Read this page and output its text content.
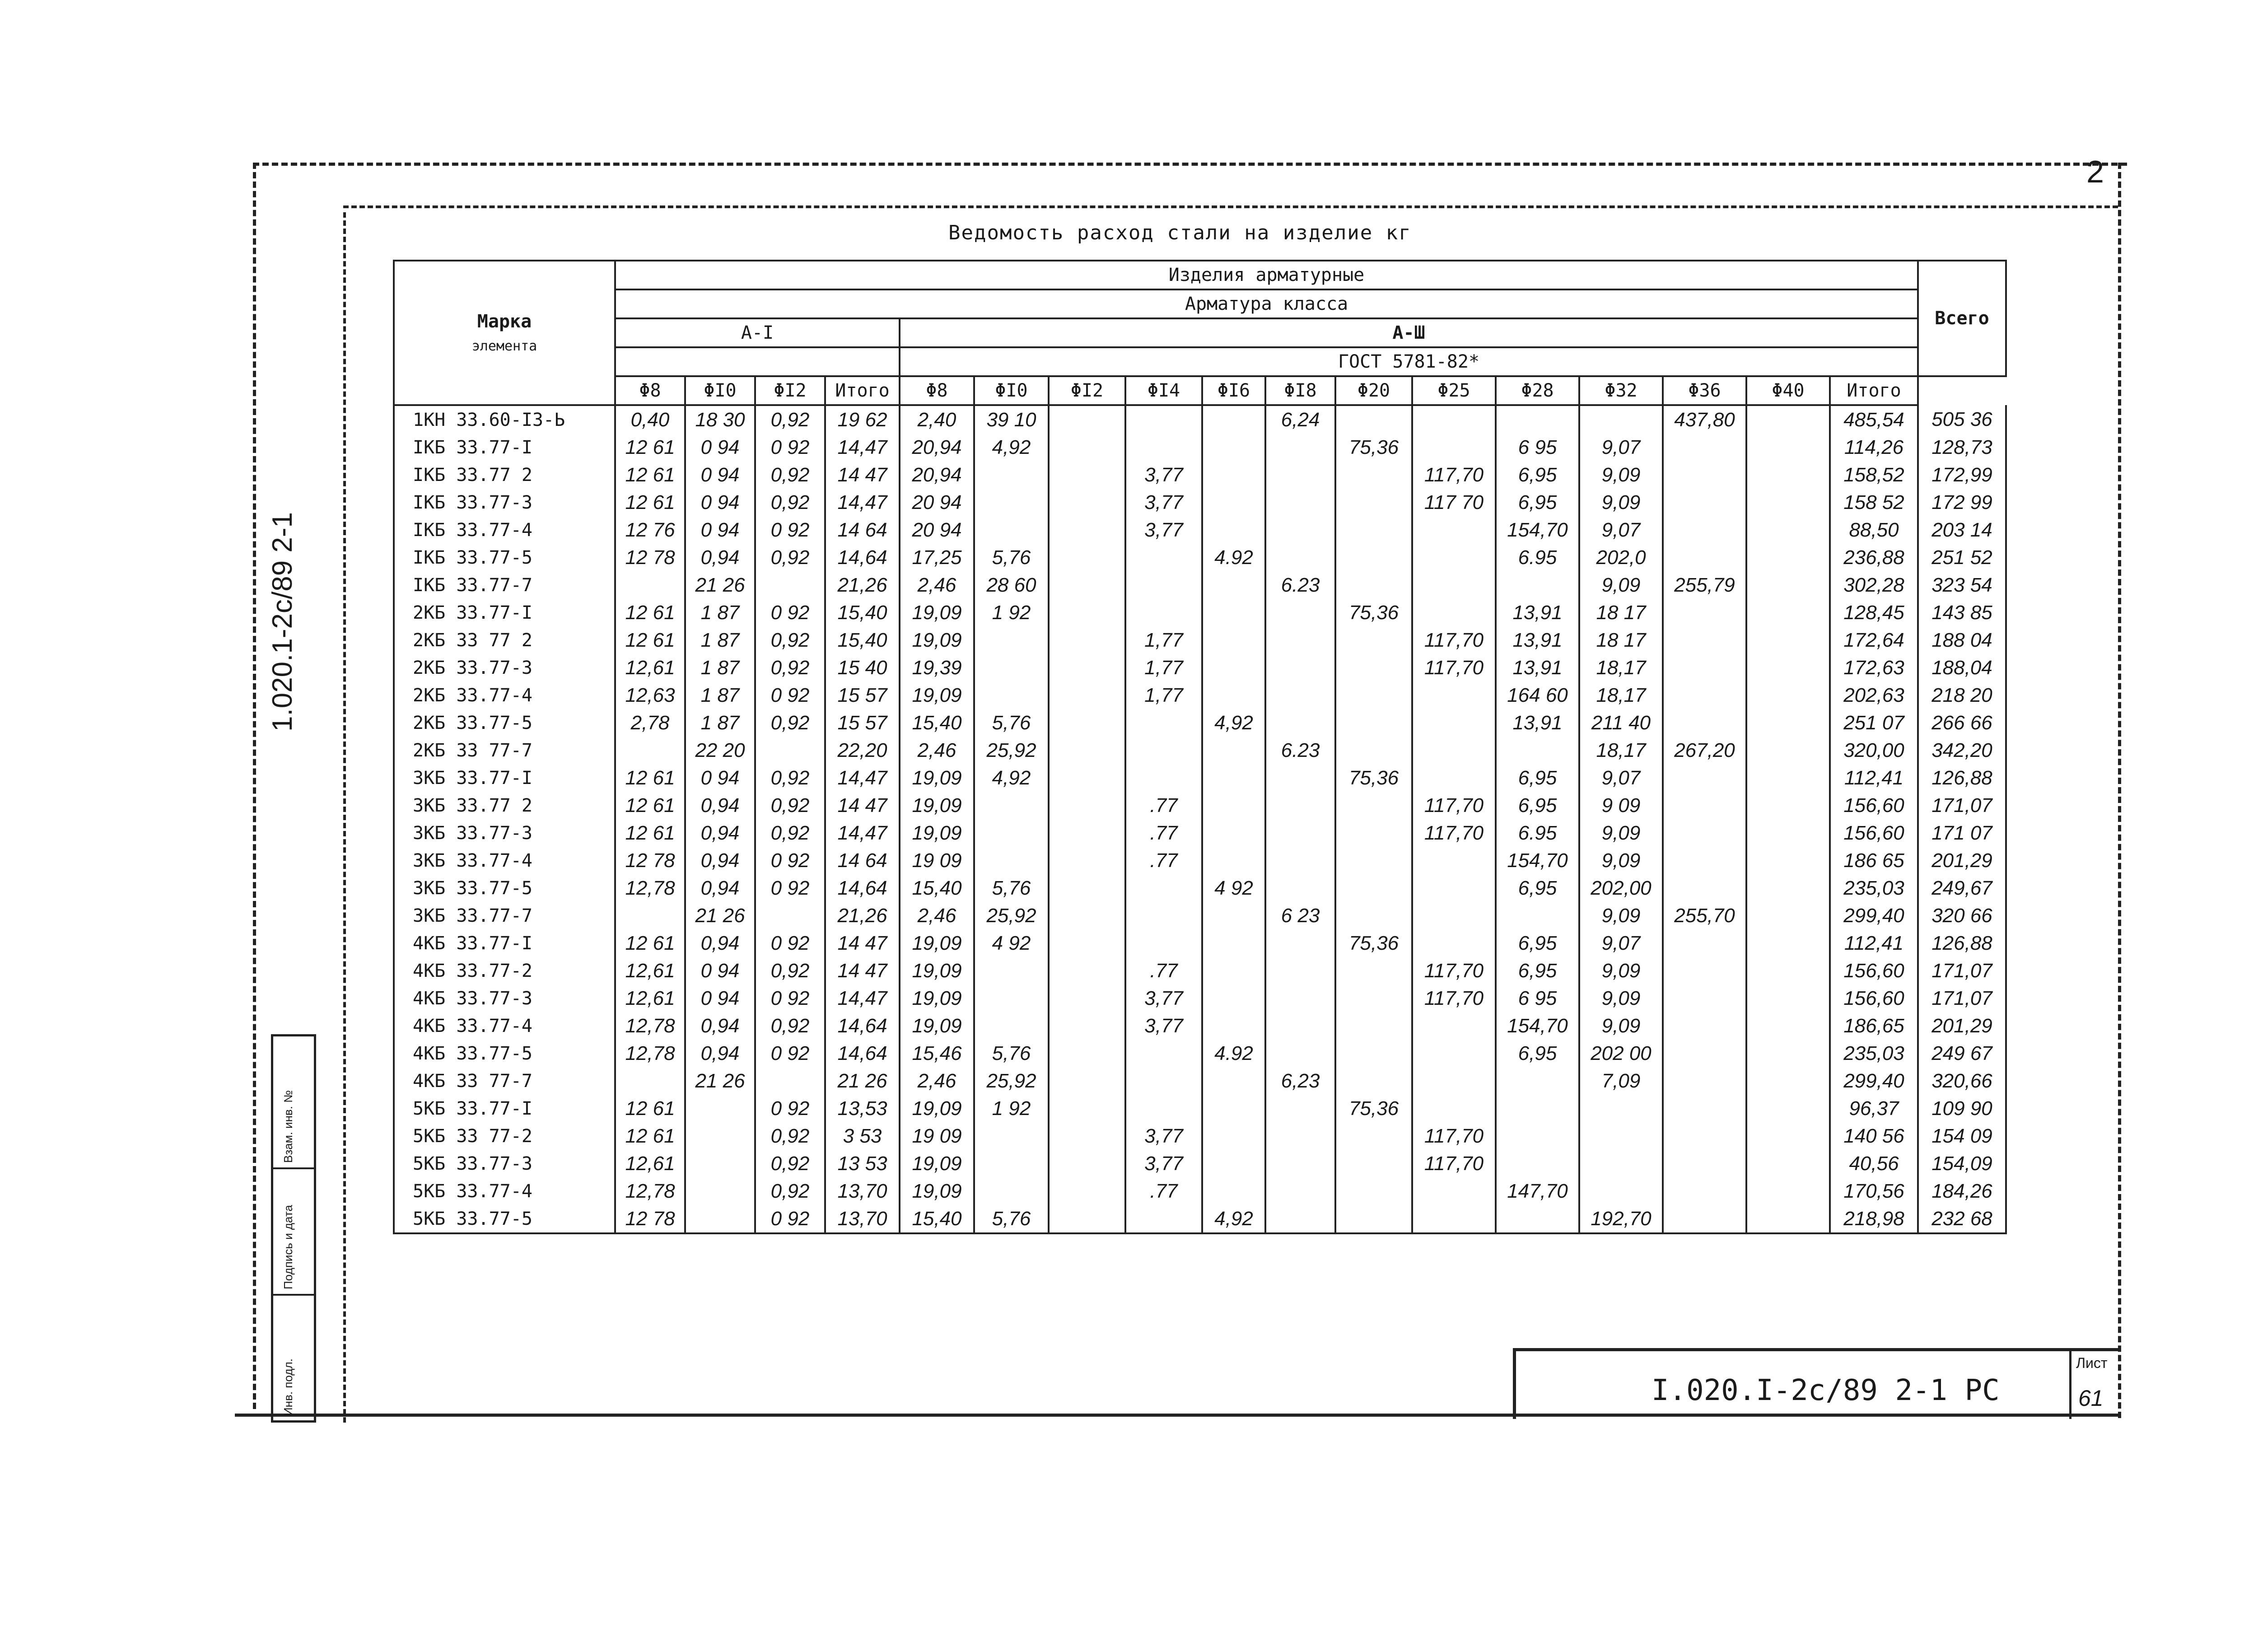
2
Ведомость расход стали на изделие кг
1.020.1-2с/89 2-1
Инв. подл.
Подпись и дата
Взам. инв. №
Марка
элемента	Изделия арматурные																	Всего
	Арматура класса																	
	А-I				А-Ш													
					ГОСТ 5781-82*													
	Φ8	ΦI0	ΦI2	Итого	Φ8	ΦI0	ΦI2	ΦI4	ΦI6	ΦI8	Φ20	Φ25	Φ28	Φ32	Φ36	Φ40	Итого	
1КН 33.60-I3-Ь	0,40	18 30	0,92	19 62	2,40	39 10				6,24					437,80		485,54	505 36
IКБ 33.77-I	12 61	0 94	0 92	14,47	20,94	4,92					75,36		6 95	9,07			114,26	128,73
IКБ 33.77 2	12 61	0 94	0,92	14 47	20,94			3,77				117,70	6,95	9,09			158,52	172,99
IКБ 33.77-3	12 61	0 94	0,92	14,47	20 94			3,77				117 70	6,95	9,09			158 52	172 99
IКБ 33.77-4	12 76	0 94	0 92	14 64	20 94			3,77					154,70	9,07			88,50	203 14
IКБ 33.77-5	12 78	0,94	0,92	14,64	17,25	5,76			4.92				6.95	202,0			236,88	251 52
IКБ 33.77-7		21 26		21,26	2,46	28 60				6.23				9,09	255,79		302,28	323 54
2КБ 33.77-I	12 61	1 87	0 92	15,40	19,09	1 92					75,36		13,91	18 17			128,45	143 85
2КБ 33 77 2	12 61	1 87	0,92	15,40	19,09			1,77				117,70	13,91	18 17			172,64	188 04
2КБ 33.77-3	12,61	1 87	0,92	15 40	19,39			1,77				117,70	13,91	18,17			172,63	188,04
2КБ 33.77-4	12,63	1 87	0 92	15 57	19,09			1,77					164 60	18,17			202,63	218 20
2КБ 33.77-5	2,78	1 87	0,92	15 57	15,40	5,76			4,92				13,91	211 40			251 07	266 66
2КБ 33 77-7		22 20		22,20	2,46	25,92				6.23				18,17	267,20		320,00	342,20
3КБ 33.77-I	12 61	0 94	0,92	14,47	19,09	4,92					75,36		6,95	9,07			112,41	126,88
3КБ 33.77 2	12 61	0,94	0,92	14 47	19,09			.77				117,70	6,95	9 09			156,60	171,07
3КБ 33.77-3	12 61	0,94	0,92	14,47	19,09			.77				117,70	6.95	9,09			156,60	171 07
3КБ 33.77-4	12 78	0,94	0 92	14 64	19 09			.77					154,70	9,09			186 65	201,29
3КБ 33.77-5	12,78	0,94	0 92	14,64	15,40	5,76			4 92				6,95	202,00			235,03	249,67
3КБ 33.77-7		21 26		21,26	2,46	25,92				6 23				9,09	255,70		299,40	320 66
4КБ 33.77-I	12 61	0,94	0 92	14 47	19,09	4 92					75,36		6,95	9,07			112,41	126,88
4КБ 33.77-2	12,61	0 94	0,92	14 47	19,09			.77				117,70	6,95	9,09			156,60	171,07
4КБ 33.77-3	12,61	0 94	0 92	14,47	19,09			3,77				117,70	6 95	9,09			156,60	171,07
4КБ 33.77-4	12,78	0,94	0,92	14,64	19,09			3,77					154,70	9,09			186,65	201,29
4КБ 33.77-5	12,78	0,94	0 92	14,64	15,46	5,76			4.92				6,95	202 00			235,03	249 67
4КБ 33 77-7		21 26		21 26	2,46	25,92				6,23				7,09			299,40	320,66
5КБ 33.77-I	12 61		0 92	13,53	19,09	1 92					75,36						96,37	109 90
5КБ 33 77-2	12 61		0,92	3 53	19 09			3,77				117,70					140 56	154 09
5КБ 33.77-3	12,61		0,92	13 53	19,09			3,77				117,70					40,56	154,09
5КБ 33.77-4	12,78		0,92	13,70	19,09			.77					147,70				170,56	184,26
5КБ 33.77-5	12 78		0 92	13,70	15,40	5,76			4,92					192,70			218,98	232 68
I.020.I-2с/89 2-1 РС
Лист
61
